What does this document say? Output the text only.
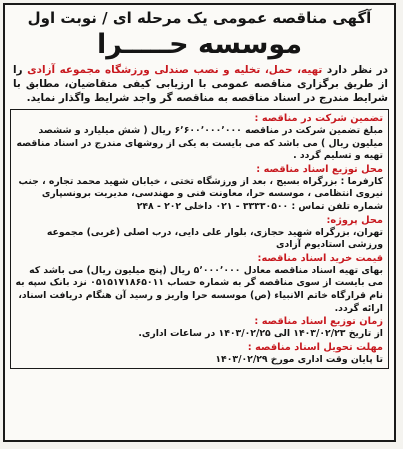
آگهی مناقصه عمومی یک مرحله ای / نوبت اول
موسسه حـــــرا
در نظر دارد تهیه، حمل، تخلیه و نصب صندلی ورزشگاه مجموعه آزادی را از طریق برگزاری مناقصه عمومی با ارزیابی کیفی متقاضیان، مطابق با شرایط مندرج در اسناد مناقصه به مناقصه گر واجد شرایط واگذار نماید.
تضمین شرکت در مناقصه :
مبلغ تضمین شرکت در مناقصه ۶٬۶۰۰٬۰۰۰٬۰۰۰ ریال ( شش میلیارد و ششصد میلیون ریال ) می باشد که می بایست به یکی از روشهای مندرج در اسناد مناقصه تهیه و تسلیم گردد .
محل توزیع اسناد مناقصه :
کارفرما : بزرگراه بسیج ، بعد از ورزشگاه تختی ، خیابان شهید محمد تجاره ، جنب نیروی انتظامی ، موسسه حرا، معاونت فنی و مهندسی، مدیریت برونسپاری شماره تلفن تماس : ۳۳۳۳۰۵۰۰ - ۰۲۱ داخلی ۲۰۲ - ۲۴۸
محل پروژه:
تهران، بزرگراه شهید حجازی، بلوار علی دایی، درب اصلی (غربی) مجموعه ورزشی استادیوم آزادی
قیمت خرید اسناد مناقصه:
بهای تهیه اسناد مناقصه معادل ۵٬۰۰۰٬۰۰۰ ریال (پنج میلیون ریال) می باشد که می بایست از سوی مناقصه گر به شماره حساب ۰۵۱۵۱۷۱۸۶۵۰۱۱ نزد بانک سپه به نام قرارگاه خاتم الانبیاء (ص) موسسه حرا واریز و رسید آن هنگام دریافت اسناد، ارائه گردد.
زمان توزیع اسناد مناقصه :
از تاریخ ۱۴۰۳/۰۲/۲۳ الی ۱۴۰۳/۰۲/۲۵ در ساعات اداری.
مهلت تحویل اسناد مناقصه :
تا پایان وقت اداری مورخ ۱۴۰۳/۰۲/۲۹
